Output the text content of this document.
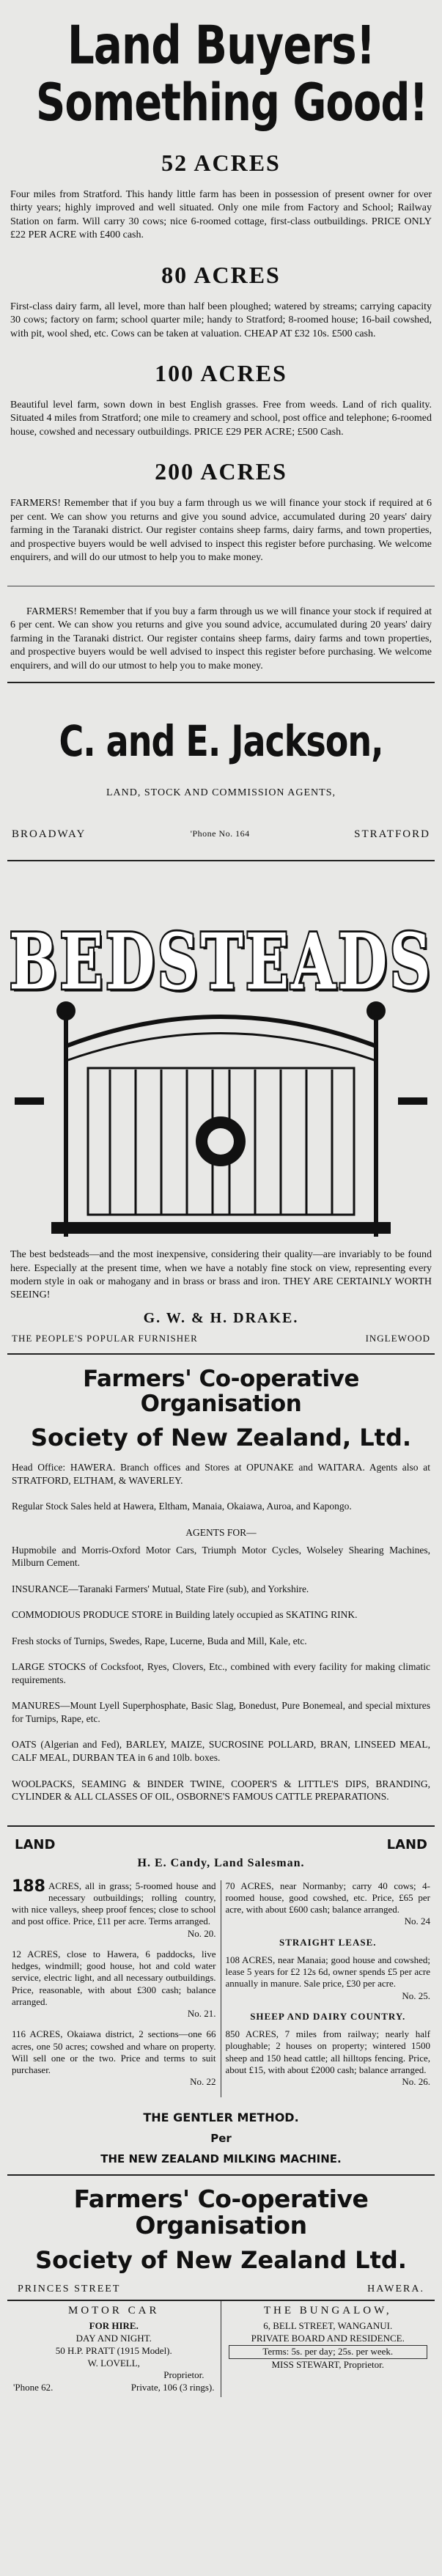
Land Buyers!
Something Good!
52 ACRES
Four miles from Stratford. This handy little farm has been in possession of present owner for over thirty years; highly improved and well situated. Only one mile from Factory and School; Railway Station on farm. Will carry 30 cows; nice 6-roomed cottage, first-class outbuildings. PRICE ONLY £22 PER ACRE with £400 cash.
80 ACRES
First-class dairy farm, all level, more than half been ploughed; watered by streams; carrying capacity 30 cows; factory on farm; school quarter mile; handy to Stratford; 8-roomed house; 16-bail cowshed, with pit, wool shed, etc. Cows can be taken at valuation. CHEAP AT £32 10s. £500 cash.
100 ACRES
Beautiful level farm, sown down in best English grasses. Free from weeds. Land of rich quality. Situated 4 miles from Stratford; one mile to creamery and school, post office and telephone; 6-roomed house, cowshed and necessary outbuildings. PRICE £29 PER ACRE; £500 Cash.
200 ACRES
FARMERS! Remember that if you buy a farm through us we will finance your stock if required at 6 per cent. We can show you returns and give you sound advice, accumulated during 20 years' dairy farming in the Taranaki district. Our register contains sheep farms, dairy farms, and town properties, and prospective buyers would be well advised to inspect this register before purchasing. We welcome enquirers, and will do our utmost to help you to make money.
FARMERS! Remember that if you buy a farm through us we will finance your stock if required at 6 per cent. We can show you returns and give you sound advice, accumulated during 20 years' dairy farming in the Taranaki district. Our register contains sheep farms, dairy farms and town properties, and prospective buyers would be well advised to inspect this register before purchasing. We welcome enquirers, and will do our utmost to help you to make money.
C. and E. Jackson,
LAND, STOCK AND COMMISSION AGENTS,
BROADWAY	'Phone No. 164	STRATFORD
BEDSTEADS
The best bedsteads—and the most inexpensive, considering their quality—are invariably to be found here. Especially at the present time, when we have a notably fine stock on view, representing every modern style in oak or mahogany and in brass or brass and iron. THEY ARE CERTAINLY WORTH SEEING!
G. W. & H. DRAKE.
THE PEOPLE'S POPULAR FURNISHER	INGLEWOOD
Farmers' Co-operative Organisation
Society of New Zealand, Ltd.
Head Office: HAWERA. Branch offices and Stores at OPUNAKE and WAITARA. Agents also at STRATFORD, ELTHAM, & WAVERLEY.
Regular Stock Sales held at Hawera, Eltham, Manaia, Okaiawa, Auroa, and Kapongo.
AGENTS FOR—
Hupmobile and Morris-Oxford Motor Cars, Triumph Motor Cycles, Wolseley Shearing Machines, Milburn Cement.
INSURANCE—Taranaki Farmers' Mutual, State Fire (sub), and Yorkshire.
COMMODIOUS PRODUCE STORE in Building lately occupied as SKATING RINK.
Fresh stocks of Turnips, Swedes, Rape, Lucerne, Buda and Mill, Kale, etc.
LARGE STOCKS of Cocksfoot, Ryes, Clovers, Etc., combined with every facility for making climatic requirements.
MANURES—Mount Lyell Superphosphate, Basic Slag, Bonedust, Pure Bonemeal, and special mixtures for Turnips, Rape, etc.
OATS (Algerian and Fed), BARLEY, MAIZE, SUCROSINE POLLARD, BRAN, LINSEED MEAL, CALF MEAL, DURBAN TEA in 6 and 10lb. boxes.
WOOLPACKS, SEAMING & BINDER TWINE, COOPER'S & LITTLE'S DIPS, BRANDING, CYLINDER & ALL CLASSES OF OIL, OSBORNE'S FAMOUS CATTLE PREPARATIONS.
LAND	LAND
H. E. Candy, Land Salesman.
188 ACRES, all in grass; 5-roomed house and necessary outbuildings; rolling country, with nice valleys, sheep proof fences; close to school and post office. Price, £11 per acre. Terms arranged.
No. 20.
12 ACRES, close to Hawera, 6 paddocks, live hedges, windmill; good house, hot and cold water service, electric light, and all necessary outbuildings. Price, reasonable, with about £300 cash; balance arranged.
No. 21.
116 ACRES, Okaiawa district, 2 sections—one 66 acres, one 50 acres; cowshed and whare on property. Will sell one or the two. Price and terms to suit purchaser.
No. 22
70 ACRES, near Normanby; carry 40 cows; 4-roomed house, good cowshed, etc. Price, £65 per acre, with about £600 cash; balance arranged.
No. 24
STRAIGHT LEASE.
108 ACRES, near Manaia; good house and cowshed; lease 5 years for £2 12s 6d, owner spends £5 per acre annually in manure. Sale price, £30 per acre.
No. 25.
SHEEP AND DAIRY COUNTRY.
850 ACRES, 7 miles from railway; nearly half ploughable; 2 houses on property; wintered 1500 sheep and 150 head cattle; all hilltops fencing. Price, about £15, with about £2000 cash; balance arranged.
No. 26.
THE GENTLER METHOD.
Per
THE NEW ZEALAND MILKING MACHINE.
Farmers' Co-operative Organisation
Society of New Zealand Ltd.
PRINCES STREET	HAWERA.
MOTOR CAR
FOR HIRE.
DAY AND NIGHT.
50 H.P. PRATT (1915 Model).
W. LOVELL,
Proprietor.
'Phone 62.	Private, 106 (3 rings).
THE BUNGALOW,
6, BELL STREET, WANGANUI.
PRIVATE BOARD AND RESIDENCE.
Terms: 5s. per day; 25s. per week.
MISS STEWART, Proprietor.
